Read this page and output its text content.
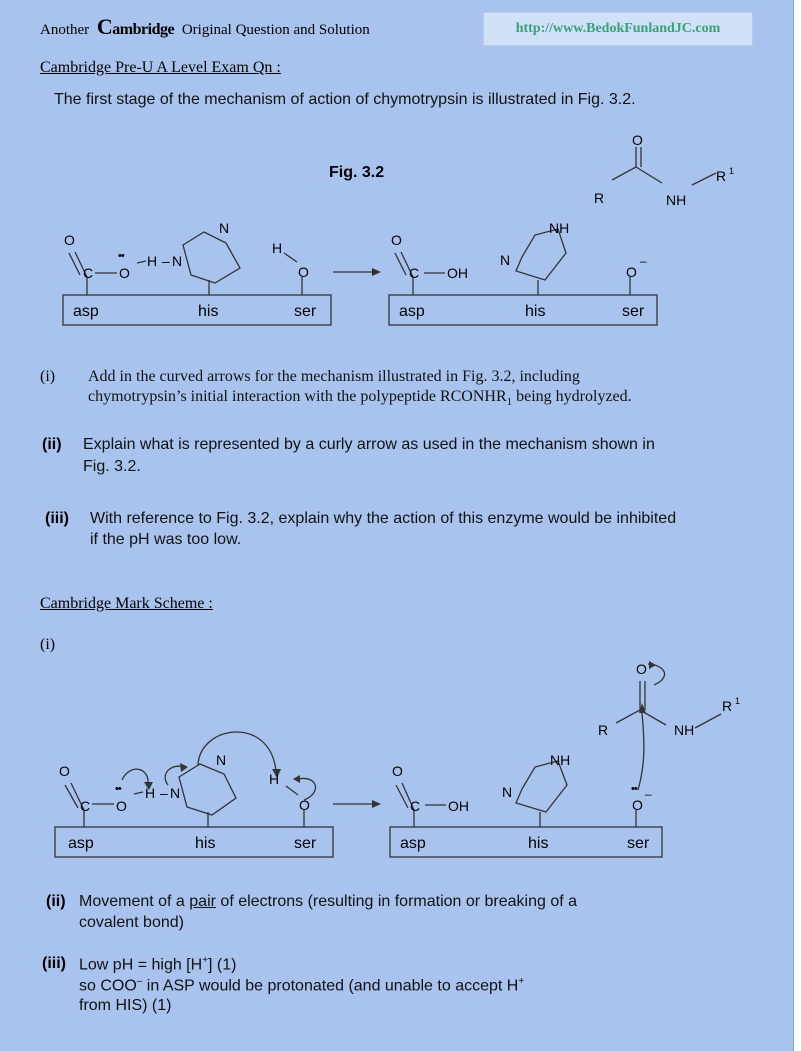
Another Cambridge Original Question and Solution	http://www.BedokFunlandJC.com
Cambridge Pre-U A Level Exam Qn :
The first stage of the mechanism of action of chymotrypsin is illustrated in Fig. 3.2.
Fig. 3.2
O
R	NH
R 1
O
C O
•• H – N
N
H
O
asp	his	ser
O
C OH
N
NH
O
–
asp	his	ser
(i) Add in the curved arrows for the mechanism illustrated in Fig. 3.2, including
chymotrypsin’s initial interaction with the polypeptide $RCONHR_1$ being hydrolyzed.
(ii) Explain what is represented by a curly arrow as used in the mechanism shown in
Fig. 3.2.
(iii) With reference to Fig. 3.2, explain why the action of this enzyme would be inhibited
if the pH was too low.
Cambridge Mark Scheme :
(i)
O
R	NH
R 1
O
C O
•• H – N
N
H
O
asp	his	ser
O
C OH
N
NH
O
•• –
asp	his	ser
(ii) Movement of a pair of electrons (resulting in formation or breaking of a
covalent bond)
(iii) Low pH = high [H+] (1)
so COO– in ASP would be protonated (and unable to accept H+
from HIS) (1)
